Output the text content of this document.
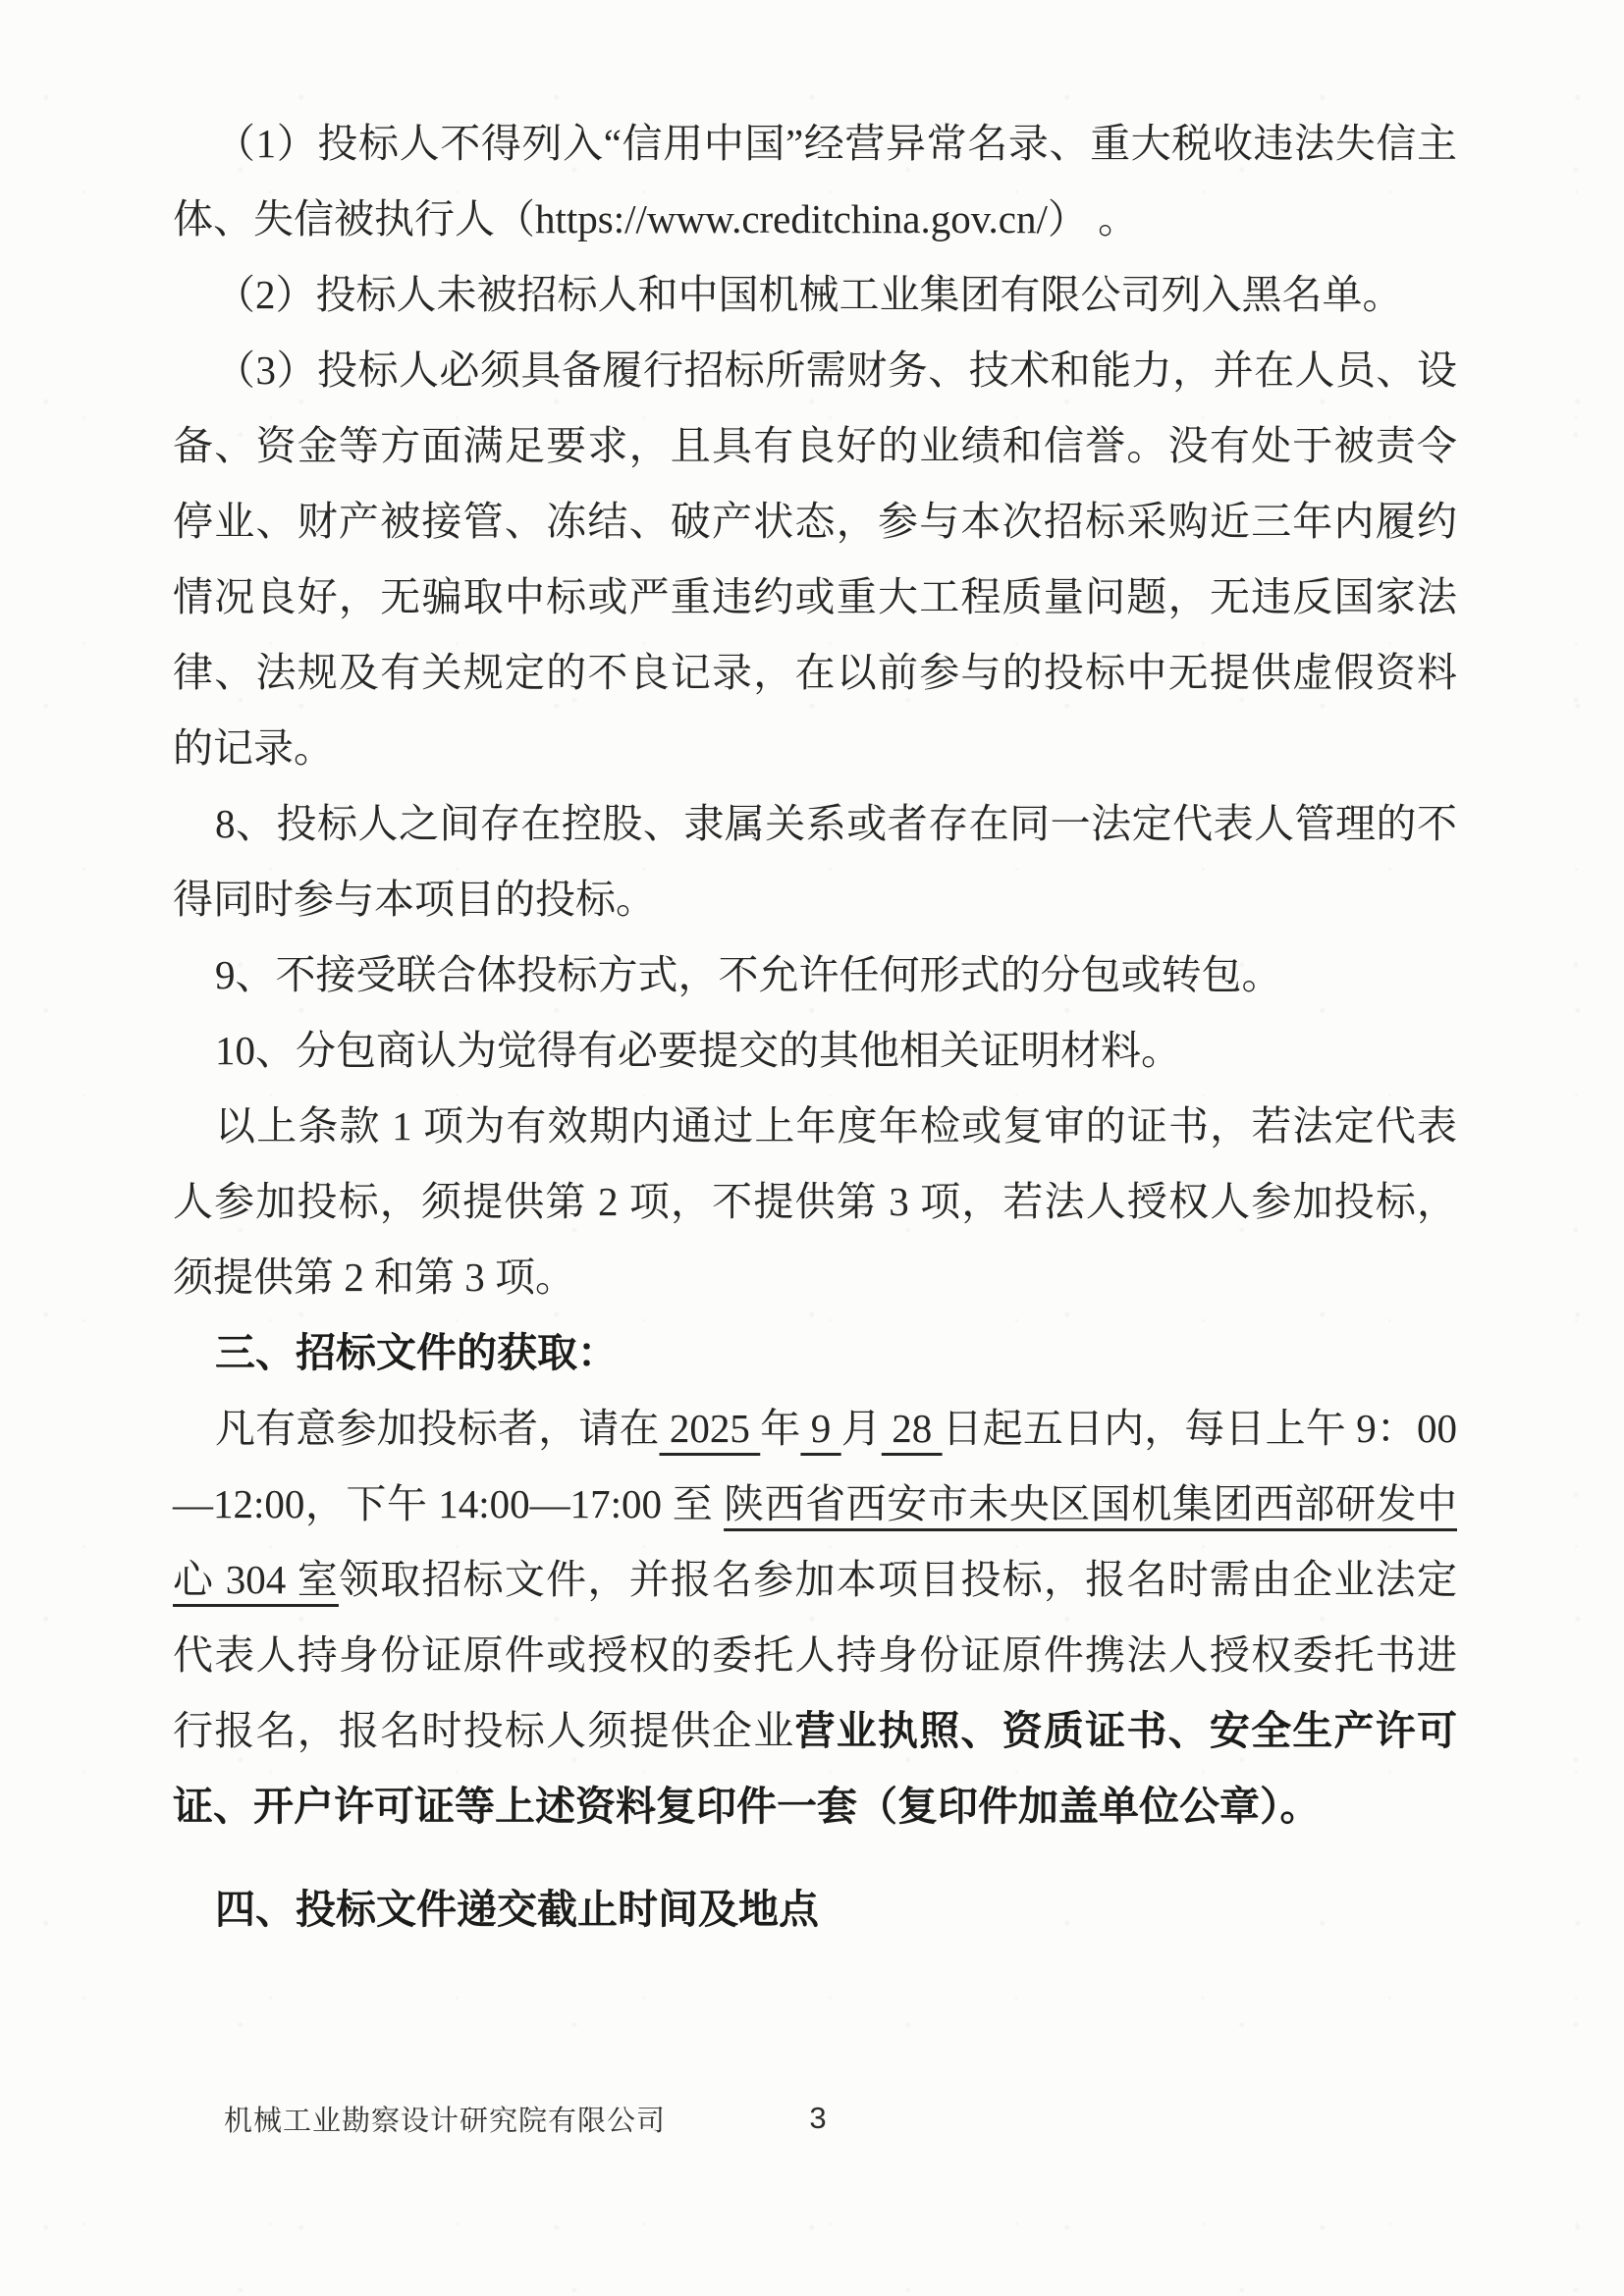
（1）投标人不得列入“信用中国”经营异常名录、重大税收违法失信主体、失信被执行人（https://www.creditchina.gov.cn/） 。

（2）投标人未被招标人和中国机械工业集团有限公司列入黑名单。

（3）投标人必须具备履行招标所需财务、技术和能力，并在人员、设备、资金等方面满足要求，且具有良好的业绩和信誉。没有处于被责令停业、财产被接管、冻结、破产状态，参与本次招标采购近三年内履约情况良好，无骗取中标或严重违约或重大工程质量问题，无违反国家法律、法规及有关规定的不良记录，在以前参与的投标中无提供虚假资料的记录。

8、投标人之间存在控股、隶属关系或者存在同一法定代表人管理的不得同时参与本项目的投标。

9、不接受联合体投标方式，不允许任何形式的分包或转包。

10、分包商认为觉得有必要提交的其他相关证明材料。

以上条款 1 项为有效期内通过上年度年检或复审的证书，若法定代表人参加投标，须提供第 2 项，不提供第 3 项，若法人授权人参加投标，须提供第 2 和第 3 项。

三、招标文件的获取：

凡有意参加投标者，请在 2025 年 9 月 28 日起五日内，每日上午 9：00—12:00，下午 14:00—17:00 至 陕西省西安市未央区国机集团西部研发中心 304 室领取招标文件，并报名参加本项目投标，报名时需由企业法定代表人持身份证原件或授权的委托人持身份证原件携法人授权委托书进行报名，报名时投标人须提供企业营业执照、资质证书、安全生产许可证、开户许可证等上述资料复印件一套（复印件加盖单位公章）。

四、投标文件递交截止时间及地点

机械工业勘察设计研究院有限公司	3
